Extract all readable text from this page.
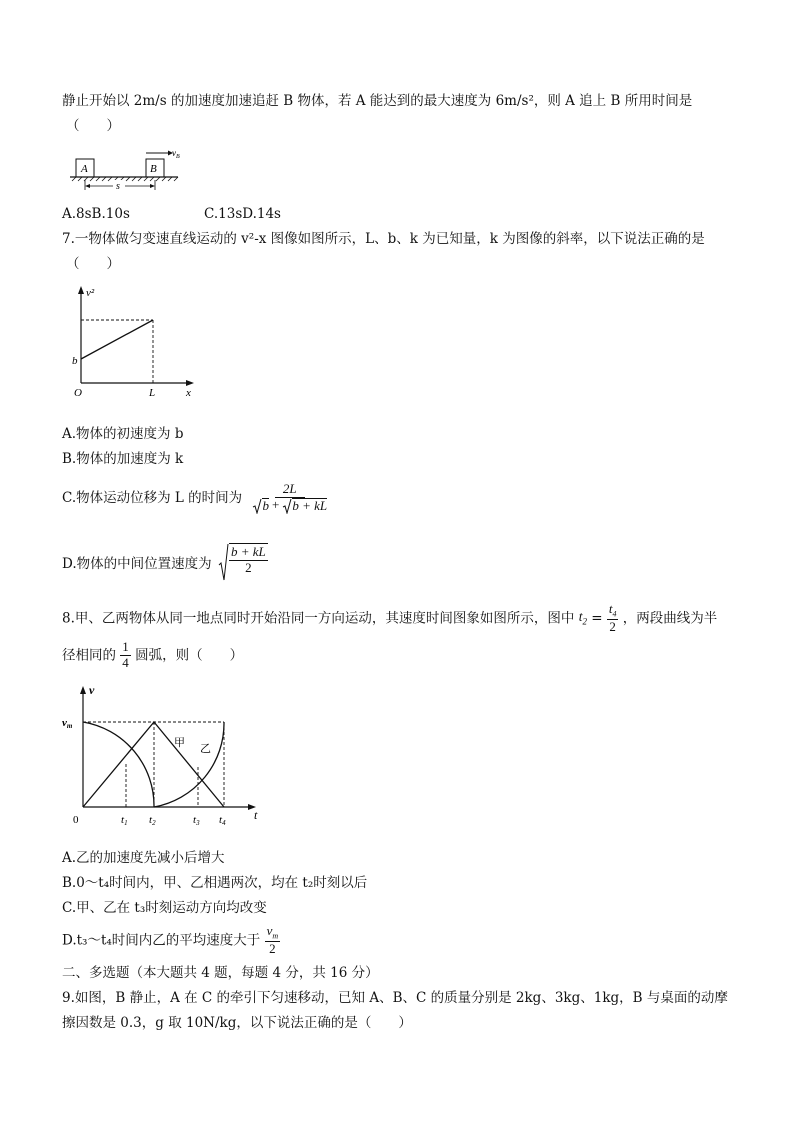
静止开始以 2m/s 的加速度加速追赶 B 物体，若 A 能达到的最大速度为 6m/s²，则 A 追上 B 所用时间是
（　　）
A	B
$v_B$
s
A.8sB.10s	C.13sD.14s
7.一物体做匀变速直线运动的 v²-x 图像如图所示，L、b、k 为已知量，k 为图像的斜率，以下说法正确的是
（　　）
v²
b
O	L	x
A.物体的初速度为 b
B.物体的加速度为 k
C.物体运动位移为 L 的时间为 $\frac{2L}{b + b + kL}$
D.物体的中间位置速度为 $\frac{b + kL}{2}$
8.甲、乙两物体从同一地点同时开始沿同一方向运动，其速度时间图象如图所示，图中 $t_2 = \frac{t_4}{2}$ ，两段曲线为半
径相同的 $\frac{1}{4}$ 圆弧，则（　　）
v
vm
甲 乙
0	t1 t2	t3 t4
t
A.乙的加速度先减小后增大
B.0～t₄时间内，甲、乙相遇两次，均在 t₂时刻以后
C.甲、乙在 t₃时刻运动方向均改变
D.t₃～t₄时间内乙的平均速度大于 $\frac{v_m}{2}$
二、多选题（本大题共 4 题，每题 4 分，共 16 分）
9.如图，B 静止，A 在 C 的牵引下匀速移动，已知 A、B、C 的质量分别是 2kg、3kg、1kg，B 与桌面的动摩
擦因数是 0.3，g 取 10N/kg，以下说法正确的是（　　）
